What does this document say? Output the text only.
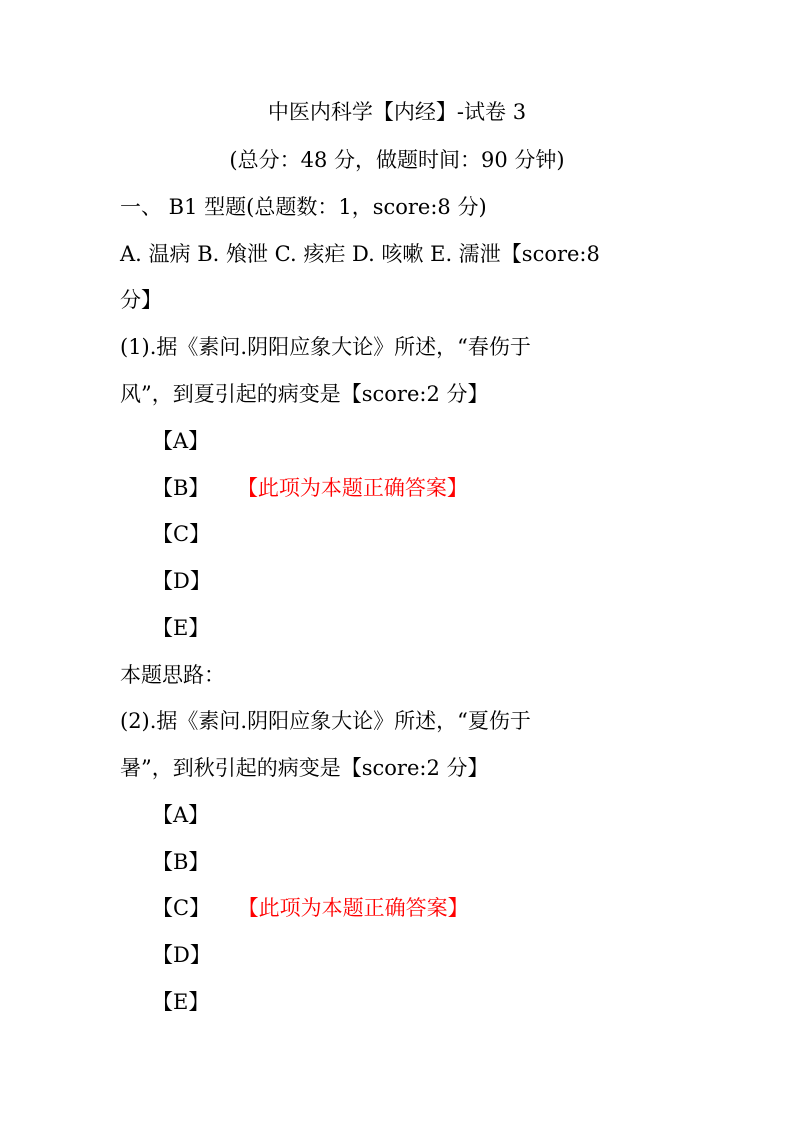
中医内科学【内经】-试卷 3
(总分：48 分，做题时间：90 分钟)
一、 B1 型题(总题数：1，score:8 分)
A. 温病 B. 飧泄 C. 痎疟 D. 咳嗽 E. 濡泄【score:8
分】
(1).据《素问.阴阳应象大论》所述，“春伤于
风”，到夏引起的病变是【score:2 分】
【A】
【B】 【此项为本题正确答案】
【C】
【D】
【E】
本题思路：
(2).据《素问.阴阳应象大论》所述，“夏伤于
暑”，到秋引起的病变是【score:2 分】
【A】
【B】
【C】 【此项为本题正确答案】
【D】
【E】
